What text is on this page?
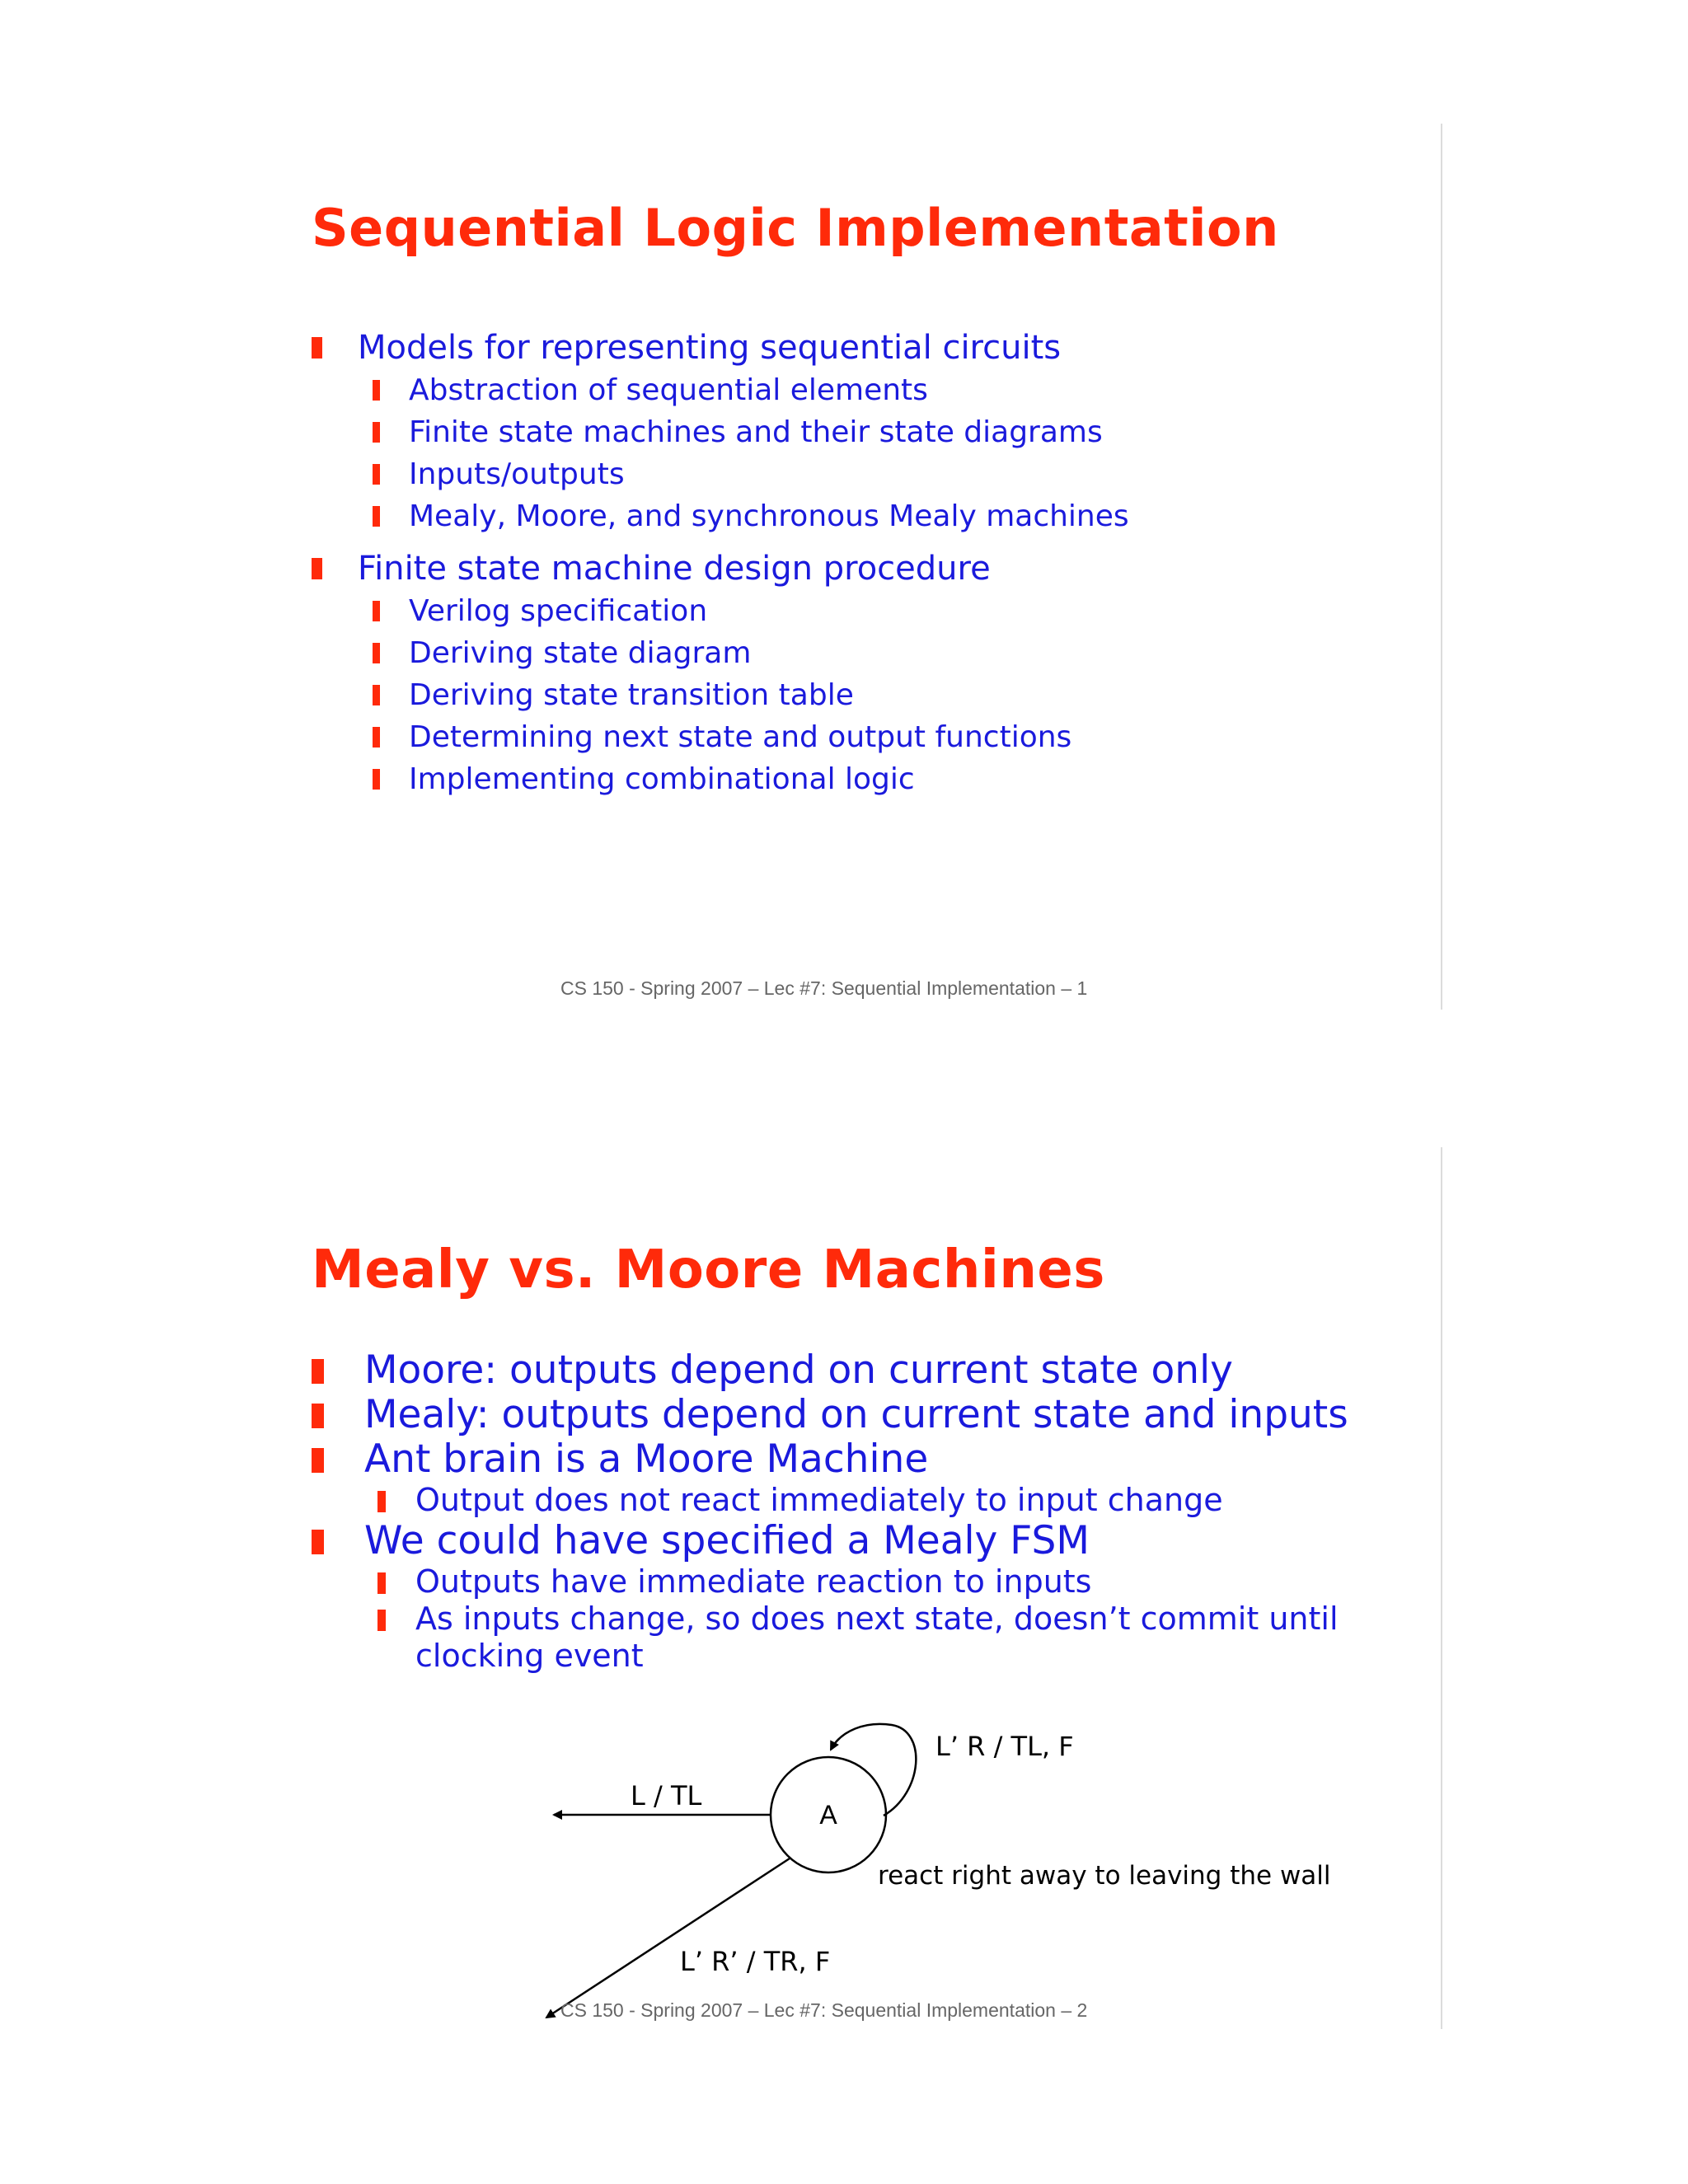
Sequential Logic Implementation
Models for representing sequential circuits
Abstraction of sequential elements
Finite state machines and their state diagrams
Inputs/outputs
Mealy, Moore, and synchronous Mealy machines
Finite state machine design procedure
Verilog specification
Deriving state diagram
Deriving state transition table
Determining next state and output functions
Implementing combinational logic
CS 150 - Spring 2007 – Lec #7: Sequential Implementation – 1
Mealy vs. Moore Machines
Moore: outputs depend on current state only
Mealy: outputs depend on current state and inputs
Ant brain is a Moore Machine
Output does not react immediately to input change
We could have specified a Mealy FSM
Outputs have immediate reaction to inputs
As inputs change, so does next state, doesn’t commit until
clocking event
A
L’ R / TL, F
L / TL
L’ R’ / TR, F
react right away to leaving the wall
CS 150 - Spring 2007 – Lec #7: Sequential Implementation – 2
